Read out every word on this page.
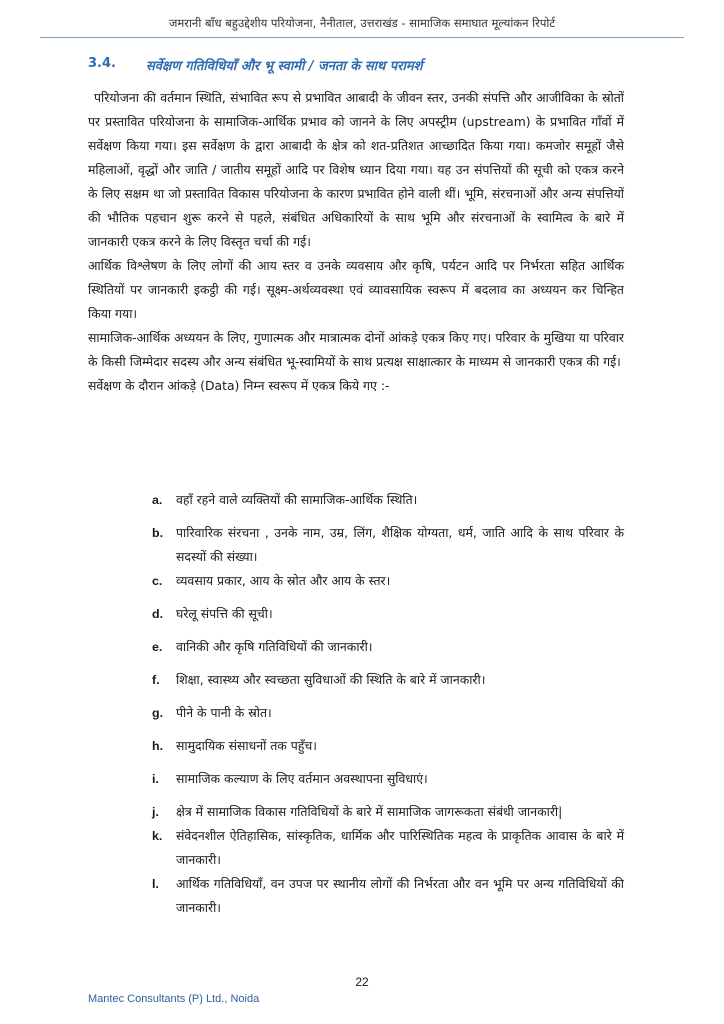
जमरानी बाँध बहुउद्देशीय परियोजना, नैनीताल, उत्तराखंड - सामाजिक समाघात मूल्यांकन रिपोर्ट
3.4.	सर्वेक्षण गतिविधियाँ और भू स्वामी / जनता के साथ परामर्श

परियोजना की वर्तमान स्थिति, संभावित रूप से प्रभावित आबादी के जीवन स्तर, उनकी संपत्ति और आजीविका के स्रोतों पर प्रस्तावित परियोजना के सामाजिक-आर्थिक प्रभाव को जानने के लिए अपस्ट्रीम (upstream) के प्रभावित गाँवों में सर्वेक्षण किया गया। इस सर्वेक्षण के द्वारा आबादी के क्षेत्र को शत-प्रतिशत आच्छादित किया गया। कमजोर समूहों जैसे महिलाओं, वृद्धों और जाति / जातीय समूहों आदि पर विशेष ध्यान दिया गया। यह उन संपत्तियों की सूची को एकत्र करने के लिए सक्षम था जो प्रस्तावित विकास परियोजना के कारण प्रभावित होने वाली थीं। भूमि, संरचनाओं और अन्य संपत्तियों की भौतिक पहचान शुरू करने से पहले, संबंधित अधिकारियों के साथ भूमि और संरचनाओं के स्वामित्व के बारे में जानकारी एकत्र करने के लिए विस्तृत चर्चा की गई।

आर्थिक विश्लेषण के लिए लोगों की आय स्तर व उनके व्यवसाय और कृषि, पर्यटन आदि पर निर्भरता सहित आर्थिक स्थितियों पर जानकारी इकट्ठी की गई। सूक्ष्म-अर्थव्यवस्था एवं व्यावसायिक स्वरूप में बदलाव का अध्ययन कर चिन्हित किया गया।

सामाजिक-आर्थिक अध्ययन के लिए, गुणात्मक और मात्रात्मक दोनों आंकड़े एकत्र किए गए। परिवार के मुखिया या परिवार के किसी जिम्मेदार सदस्य और अन्य संबंधित भू-स्वामियों के साथ प्रत्यक्ष साक्षात्कार के माध्यम से जानकारी एकत्र की गई।

सर्वेक्षण के दौरान आंकड़े (Data) निम्न स्वरूप में एकत्र किये गए :-

a.	वहाँ रहने वाले व्यक्तियों की सामाजिक-आर्थिक स्थिति।
b.	पारिवारिक संरचना , उनके नाम, उम्र, लिंग, शैक्षिक योग्यता, धर्म, जाति आदि के साथ परिवार के सदस्यों की संख्या।
c.	व्यवसाय प्रकार, आय के स्रोत और आय के स्तर।
d.	घरेलू संपत्ति की सूची।
e.	वानिकी और कृषि गतिविधियों की जानकारी।
f.	शिक्षा, स्वास्थ्य और स्वच्छता सुविधाओं की स्थिति के बारे में जानकारी।
g.	पीने के पानी के स्रोत।
h.	सामुदायिक संसाधनों तक पहुँच।
i.	सामाजिक कल्याण के लिए वर्तमान अवस्थापना सुविधाएं।
j.	क्षेत्र में सामाजिक विकास गतिविधियों के बारे में सामाजिक जागरूकता संबंधी जानकारी|
k.	संवेदनशील ऐतिहासिक, सांस्कृतिक, धार्मिक और पारिस्थितिक महत्व के प्राकृतिक आवास के बारे में जानकारी।
l.	आर्थिक गतिविधियाँ, वन उपज पर स्थानीय लोगों की निर्भरता और वन भूमि पर अन्य गतिविधियों की जानकारी।
22
Mantec Consultants (P) Ltd., Noida
